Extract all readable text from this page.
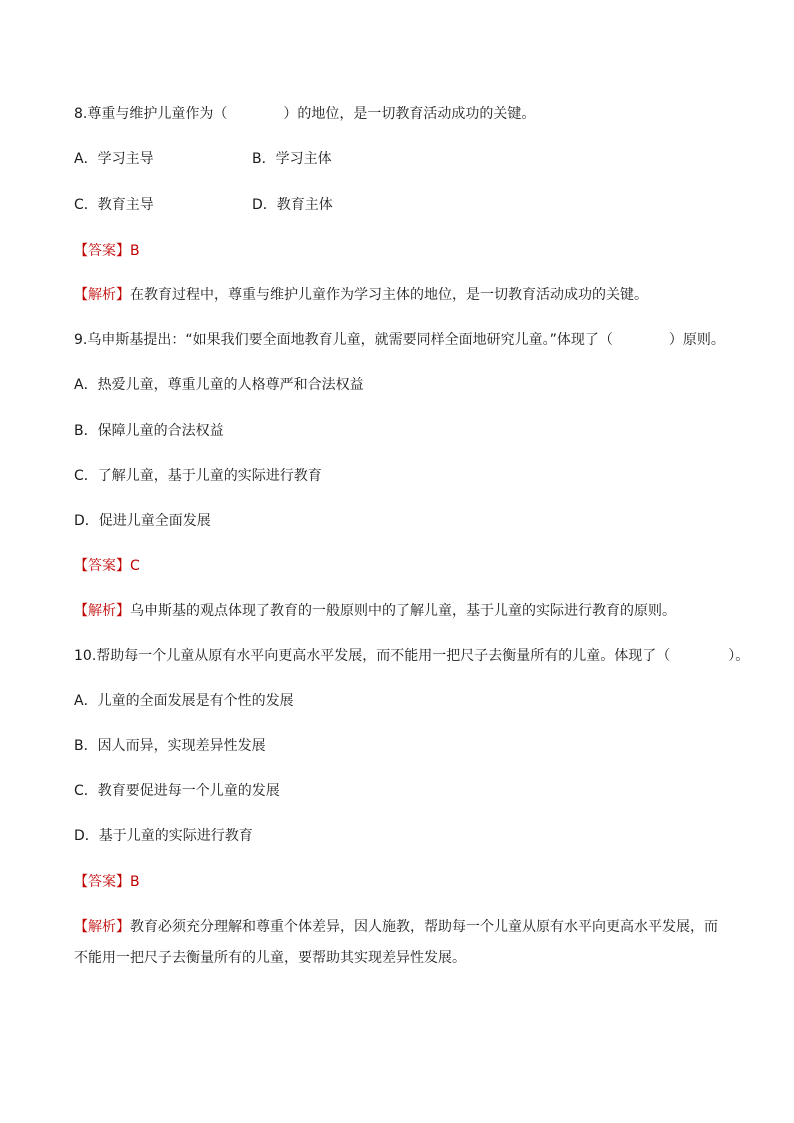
8.尊重与维护儿童作为（	）的地位，是一切教育活动成功的关键。
A．学习主导	B．学习主体
C．教育主导	D．教育主体
【答案】B
【解析】在教育过程中，尊重与维护儿童作为学习主体的地位，是一切教育活动成功的关键。
9.乌申斯基提出：“如果我们要全面地教育儿童，就需要同样全面地研究儿童。”体现了（	）原则。
A．热爱儿童，尊重儿童的人格尊严和合法权益
B．保障儿童的合法权益
C．了解儿童，基于儿童的实际进行教育
D．促进儿童全面发展
【答案】C
【解析】乌申斯基的观点体现了教育的一般原则中的了解儿童，基于儿童的实际进行教育的原则。
10.帮助每一个儿童从原有水平向更高水平发展，而不能用一把尺子去衡量所有的儿童。体现了（	）。
A．儿童的全面发展是有个性的发展
B．因人而异，实现差异性发展
C．教育要促进每一个儿童的发展
D．基于儿童的实际进行教育
【答案】B
【解析】教育必须充分理解和尊重个体差异，因人施教，帮助每一个儿童从原有水平向更高水平发展，而
不能用一把尺子去衡量所有的儿童，要帮助其实现差异性发展。
